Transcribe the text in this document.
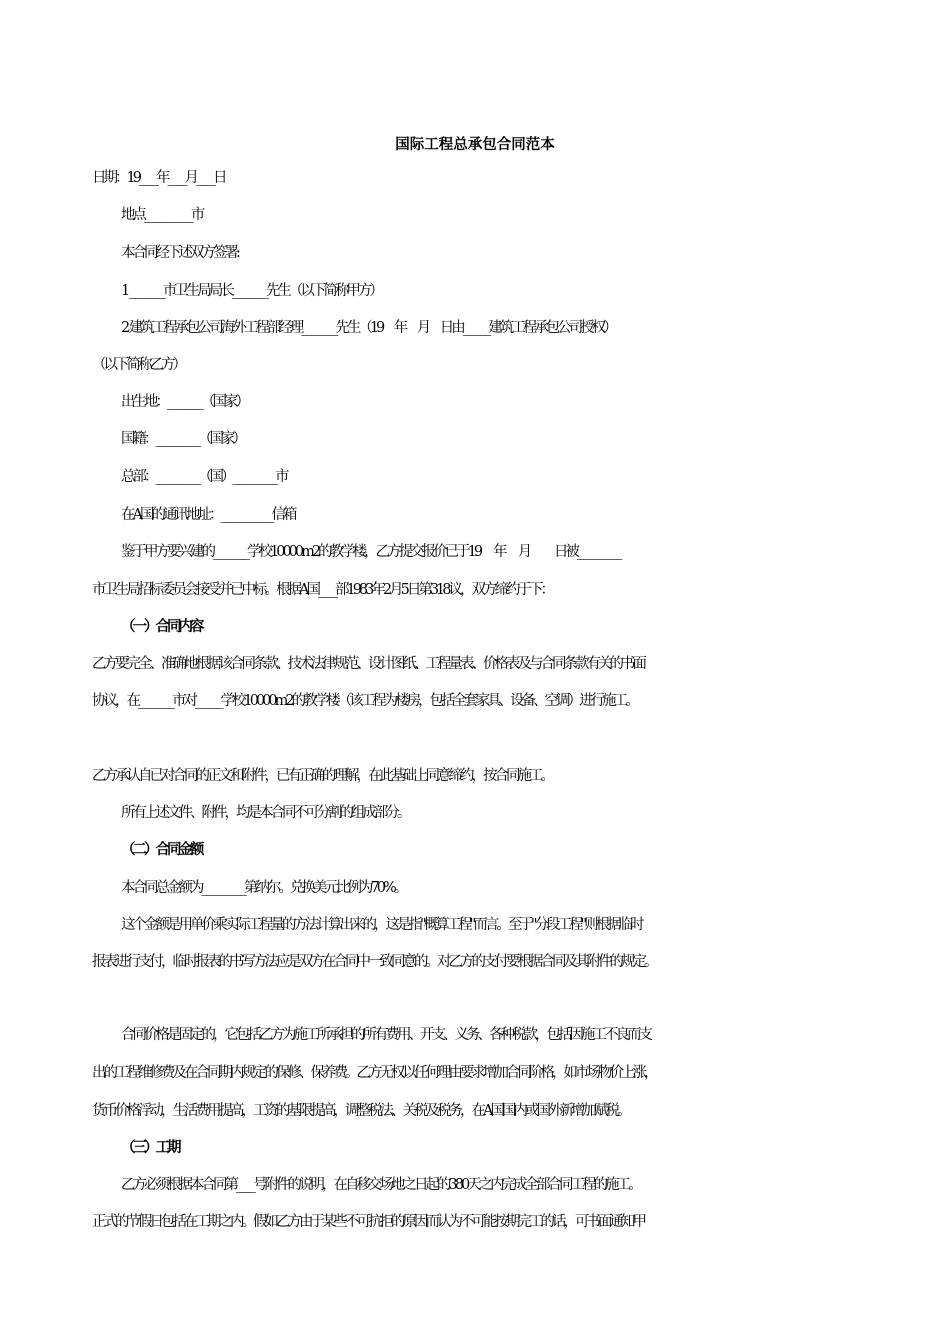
国际工程总承包合同范本
日期：19____年____月____日
地点___________市
本合同经下述双方签署:
1 ________市卫生局局长________先生（以下简称甲方）
2 建筑工程承包公司海外工程部经理________先生（19　年　月　日由______建筑工程承包公司授权）
（以下简称乙方）
出生地：________（国家）
国籍：__________（国家）
总部：__________（国）__________市
在A国的通讯地址：____________信箱
鉴于甲方要兴建的________学校10000m2的教学楼，乙方提交报价已于19　 年　 月　　 日被__________
市卫生局招标委员会接受并已中标。根据A国____部1983年2月5日第318议，双方缔约于下：
（一）合同内容
乙方要完全、准确地根据该合同条款、技术法律规范、设计图纸、工程量表、价格表及与合同条款有关的书面
协议，在________市对______学校10000m2的教学楼（该工程为楼房，包括全套家具、设备、空调）进行施工。
乙方承认自已对合同的正文和附件，已有正确的理解，在此基础上同意缔约，按合同施工。
所有上述文件、附件，均是本合同不可分割的组成部分。
（二）合同金额
本合同总金额为__________第纳尔。兑换美元比例为70%。
这个金额是用单价乘实际工程量的方法计算出来的，这是指"概算工程"而言。至于"分段工程"则根据临时
报表进行支付，临时报表的书写方法应是双方在合同中一致同意的。对乙方的支付要根据合同及其附件的规定。
合同价格是固定的，它包括乙方为施工所承担的所有费用、开支、义务、各种税款，包括因施工不良而支
出的工程维修费及在合同期内规定的保修、保养费。乙方无权以任何理由要求增加合同阶格，如市场物价上涨，
货币价格浮动，生活费用提高，工资的基限提高，调整税法、关税及税务，在A国国内或国外新增加赋税。
（三）工期
乙方必须根据本合同第____号附件的说明，在自移交场地之日起的380天之内完成全部合同工程的施工。
正式的节假日包括在工期之内。假如乙方由于某些不可抗拒的原因而认为不可能按期完工的话，可书面通知甲
